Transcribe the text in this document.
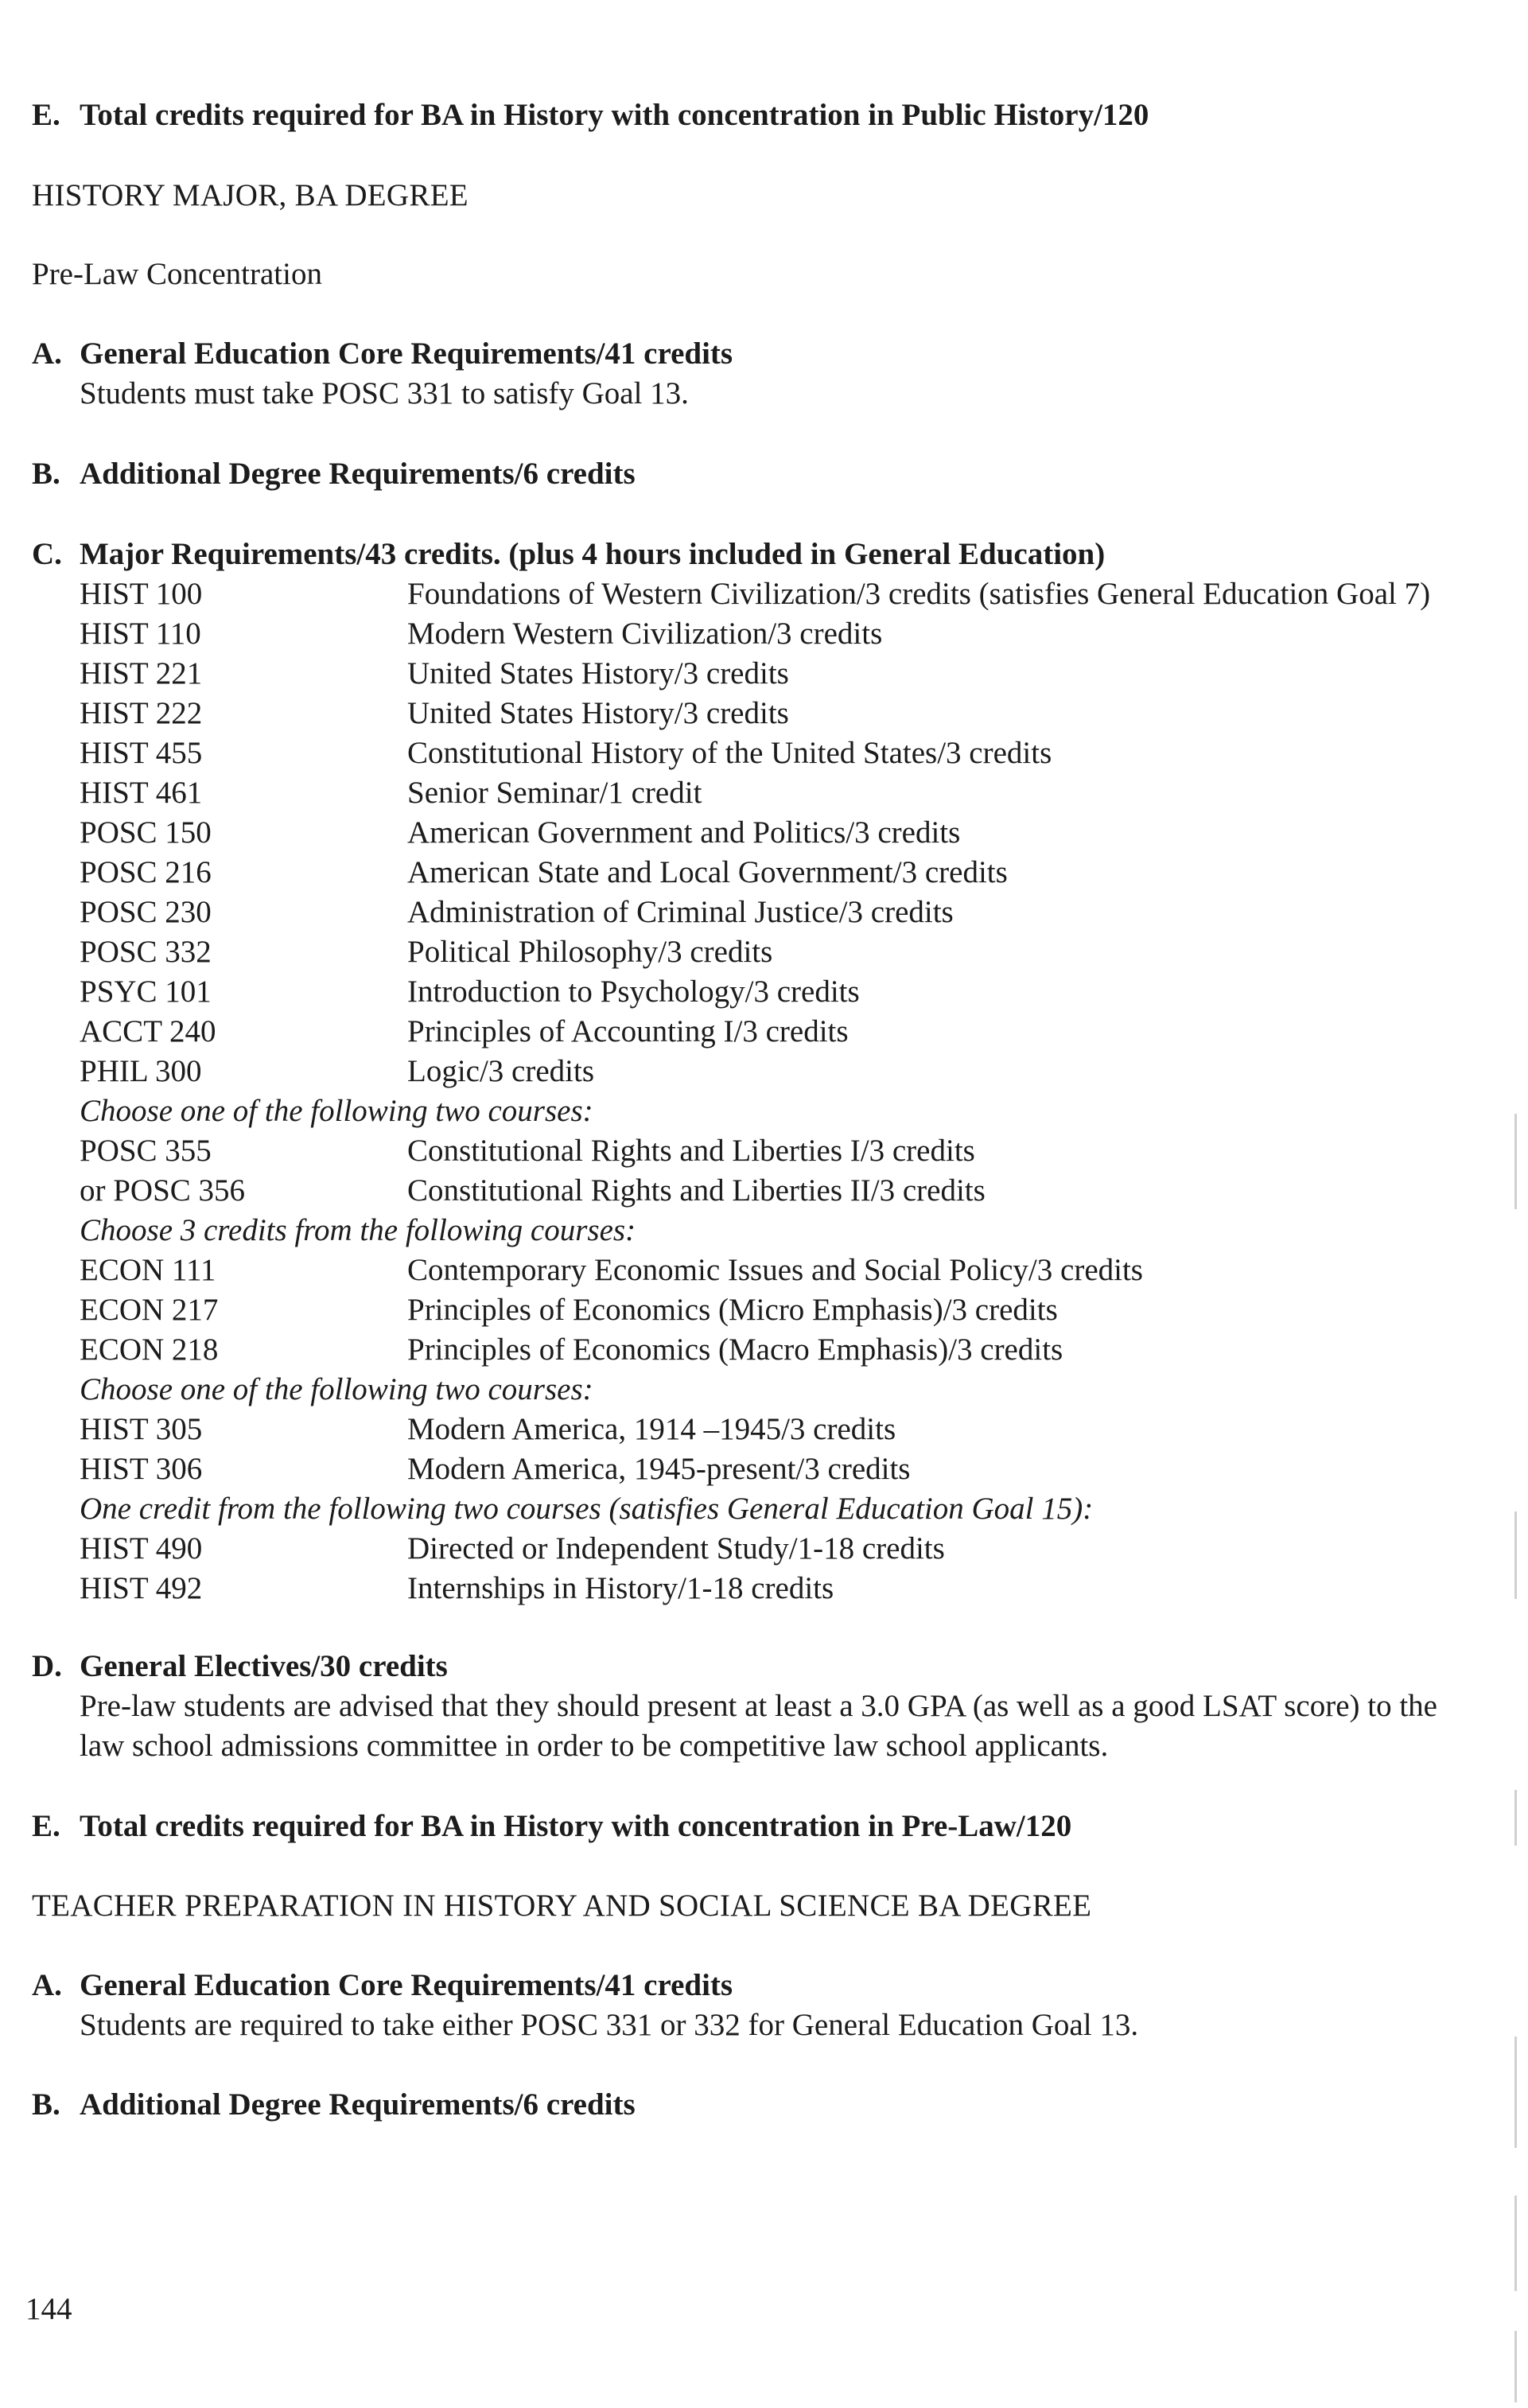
E. Total credits required for BA in History with concentration in Public History/120
HISTORY MAJOR, BA DEGREE
Pre-Law Concentration
A. General Education Core Requirements/41 credits
Students must take POSC 331 to satisfy Goal 13.
B. Additional Degree Requirements/6 credits
C. Major Requirements/43 credits. (plus 4 hours included in General Education)
HIST 100	Foundations of Western Civilization/3 credits (satisfies General Education Goal 7)
HIST 110	Modern Western Civilization/3 credits
HIST 221	United States History/3 credits
HIST 222	United States History/3 credits
HIST 455	Constitutional History of the United States/3 credits
HIST 461	Senior Seminar/1 credit
POSC 150	American Government and Politics/3 credits
POSC 216	American State and Local Government/3 credits
POSC 230	Administration of Criminal Justice/3 credits
POSC 332	Political Philosophy/3 credits
PSYC 101	Introduction to Psychology/3 credits
ACCT 240	Principles of Accounting I/3 credits
PHIL 300	Logic/3 credits
Choose one of the following two courses:
POSC 355	Constitutional Rights and Liberties I/3 credits
or POSC 356	Constitutional Rights and Liberties II/3 credits
Choose 3 credits from the following courses:
ECON 111	Contemporary Economic Issues and Social Policy/3 credits
ECON 217	Principles of Economics (Micro Emphasis)/3 credits
ECON 218	Principles of Economics (Macro Emphasis)/3 credits
Choose one of the following two courses:
HIST 305	Modern America, 1914 –1945/3 credits
HIST 306	Modern America, 1945-present/3 credits
One credit from the following two courses (satisfies General Education Goal 15):
HIST 490	Directed or Independent Study/1-18 credits
HIST 492	Internships in History/1-18 credits
D. General Electives/30 credits
Pre-law students are advised that they should present at least a 3.0 GPA (as well as a good LSAT score) to the law school admissions committee in order to be competitive law school applicants.
E. Total credits required for BA in History with concentration in Pre-Law/120
TEACHER PREPARATION IN HISTORY AND SOCIAL SCIENCE BA DEGREE
A. General Education Core Requirements/41 credits
Students are required to take either POSC 331 or 332 for General Education Goal 13.
B. Additional Degree Requirements/6 credits
144
